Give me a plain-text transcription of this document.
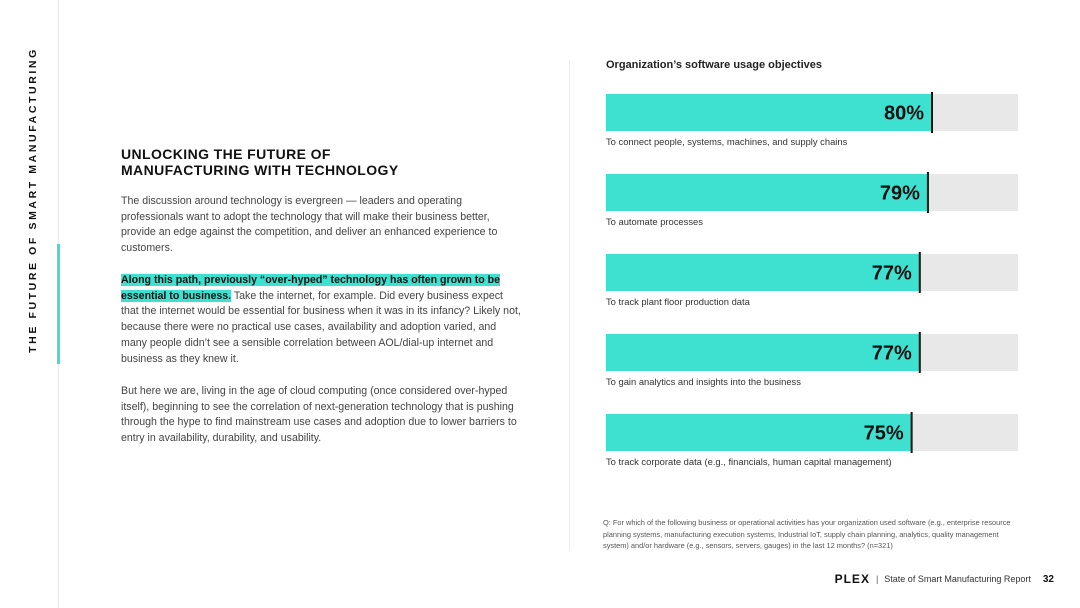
THE FUTURE OF SMART MANUFACTURING	UNLOCKING THE FUTURE OF
MANUFACTURING WITH TECHNOLOGY

The discussion around technology is evergreen — leaders and operating professionals want to adopt the technology that will make their business better, provide an edge against the competition, and deliver an enhanced experience to customers.

Along this path, previously “over-hyped” technology has often grown to be essential to business. Take the internet, for example. Did every business expect that the internet would be essential for business when it was in its infancy? Likely not, because there were no practical use cases, availability and adoption varied, and many people didn’t see a sensible correlation between AOL/dial-up internet and business as they knew it.

But here we are, living in the age of cloud computing (once considered over-hyped itself), beginning to see the correlation of next-generation technology that is pushing through the hype to find mainstream use cases and adoption due to lower barriers to entry in availability, durability, and usability.

Organization’s software usage objectives
80%
To connect people, systems, machines, and supply chains
79%
To automate processes
77%
To track plant floor production data
77%
To gain analytics and insights into the business
75%
To track corporate data (e.g., financials, human capital management)

Q: For which of the following business or operational activities has your organization used software (e.g., enterprise resource planning systems, manufacturing execution systems, Industrial IoT, supply chain planning, analytics, quality management system) and/or hardware (e.g., sensors, servers, gauges) in the last 12 months? (n=321)

PLEX | State of Smart Manufacturing Report 32
